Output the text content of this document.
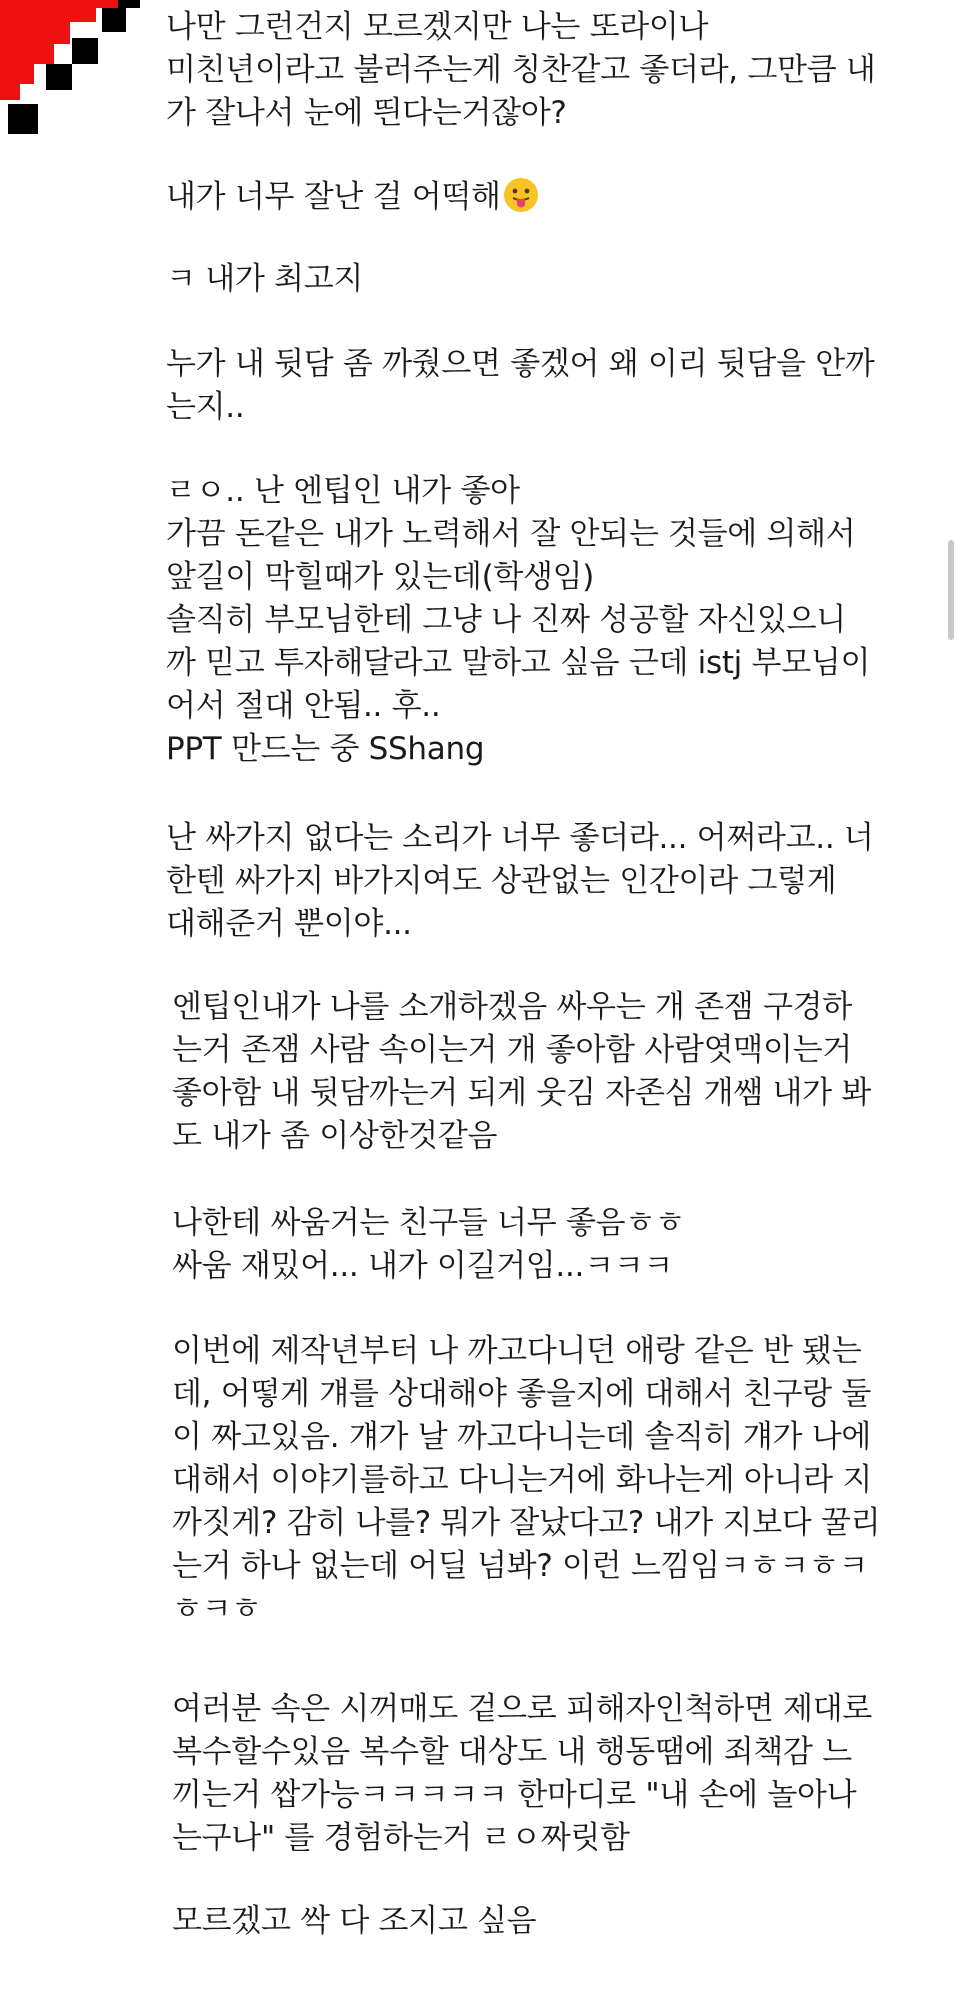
나만 그런건지 모르겠지만 나는 또라이나
미친년이라고 불러주는게 칭찬같고 좋더라, 그만큼 내
가 잘나서 눈에 띈다는거잖아?

내가 너무 잘난 걸 어떡해

ㅋ 내가 최고지

누가 내 뒷담 좀 까줬으면 좋겠어 왜 이리 뒷담을 안까
는지..

ㄹㅇ.. 난 엔팁인 내가 좋아
가끔 돈같은 내가 노력해서 잘 안되는 것들에 의해서
앞길이 막힐때가 있는데(학생임)
솔직히 부모님한테 그냥 나 진짜 성공할 자신있으니
까 믿고 투자해달라고 말하고 싶음 근데 istj 부모님이
어서 절대 안됨.. 후..
PPT 만드는 중 SShang

난 싸가지 없다는 소리가 너무 좋더라... 어쩌라고.. 너
한텐 싸가지 바가지여도 상관없는 인간이라 그렇게
대해준거 뿐이야...

엔팁인내가 나를 소개하겠음 싸우는 개 존잼 구경하
는거 존잼 사람 속이는거 개 좋아함 사람엿맥이는거
좋아함 내 뒷담까는거 되게 웃김 자존심 개쌤 내가 봐
도 내가 좀 이상한것같음

나한테 싸움거는 친구들 너무 좋음ㅎㅎ
싸움 재밌어... 내가 이길거임...ㅋㅋㅋ

이번에 제작년부터 나 까고다니던 애랑 같은 반 됐는
데, 어떻게 걔를 상대해야 좋을지에 대해서 친구랑 둘
이 짜고있음. 걔가 날 까고다니는데 솔직히 걔가 나에
대해서 이야기를하고 다니는거에 화나는게 아니라 지
까짓게? 감히 나를? 뭐가 잘났다고? 내가 지보다 꿀리
는거 하나 없는데 어딜 넘봐? 이런 느낌임ㅋㅎㅋㅎㅋ
ㅎㅋㅎ

여러분 속은 시꺼매도 겉으로 피해자인척하면 제대로
복수할수있음 복수할 대상도 내 행동땜에 죄책감 느
끼는거 쌉가능ㅋㅋㅋㅋㅋ 한마디로 "내 손에 놀아나
는구나" 를 경험하는거 ㄹㅇ짜릿함

모르겠고 싹 다 조지고 싶음
